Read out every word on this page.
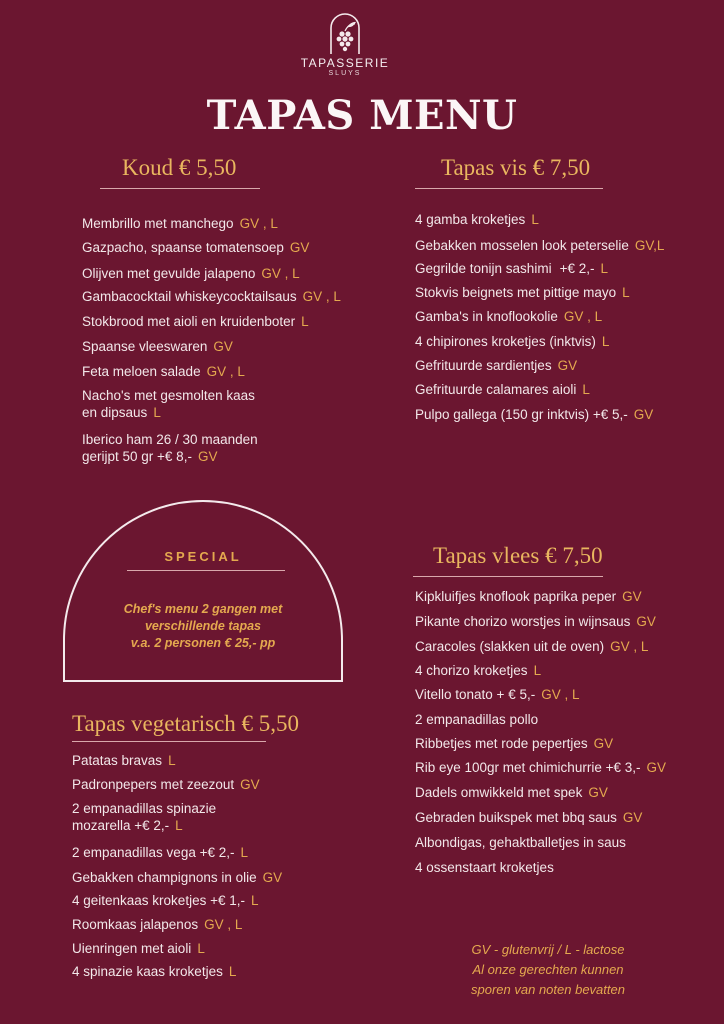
TAPASSERIE
SLUYS
TAPAS MENU
Koud € 5,50
Membrillo met manchego GV , L
Gazpacho, spaanse tomatensoep GV
Olijven met gevulde jalapeno GV , L
Gambacocktail whiskeycocktailsaus GV , L
Stokbrood met aioli en kruidenboter L
Spaanse vleeswaren GV
Feta meloen salade GV , L
Nacho's met gesmolten kaas
en dipsaus L
Iberico ham 26 / 30 maanden
gerijpt 50 gr +€ 8,- GV
Tapas vis € 7,50
4 gamba kroketjes L
Gebakken mosselen look peterselie GV,L
Gegrilde tonijn sashimi +€ 2,- L
Stokvis beignets met pittige mayo L
Gamba's in knoflookolie GV , L
4 chipirones kroketjes (inktvis) L
Gefrituurde sardientjes GV
Gefrituurde calamares aioli L
Pulpo gallega (150 gr inktvis) +€ 5,- GV
SPECIAL
Chef's menu 2 gangen met
verschillende tapas
v.a. 2 personen € 25,- pp
Tapas vlees € 7,50
Kipkluifjes knoflook paprika peper GV
Pikante chorizo worstjes in wijnsaus GV
Caracoles (slakken uit de oven) GV , L
4 chorizo kroketjes L
Vitello tonato + € 5,- GV , L
2 empanadillas pollo
Ribbetjes met rode pepertjes GV
Rib eye 100gr met chimichurrie +€ 3,- GV
Dadels omwikkeld met spek GV
Gebraden buikspek met bbq saus GV
Albondigas, gehaktballetjes in saus
4 ossenstaart kroketjes
Tapas vegetarisch € 5,50
Patatas bravas L
Padronpepers met zeezout GV
2 empanadillas spinazie
mozarella +€ 2,- L
2 empanadillas vega +€ 2,- L
Gebakken champignons in olie GV
4 geitenkaas kroketjes +€ 1,- L
Roomkaas jalapenos GV , L
Uienringen met aioli L
4 spinazie kaas kroketjes L
GV - glutenvrij / L - lactose
Al onze gerechten kunnen
sporen van noten bevatten
